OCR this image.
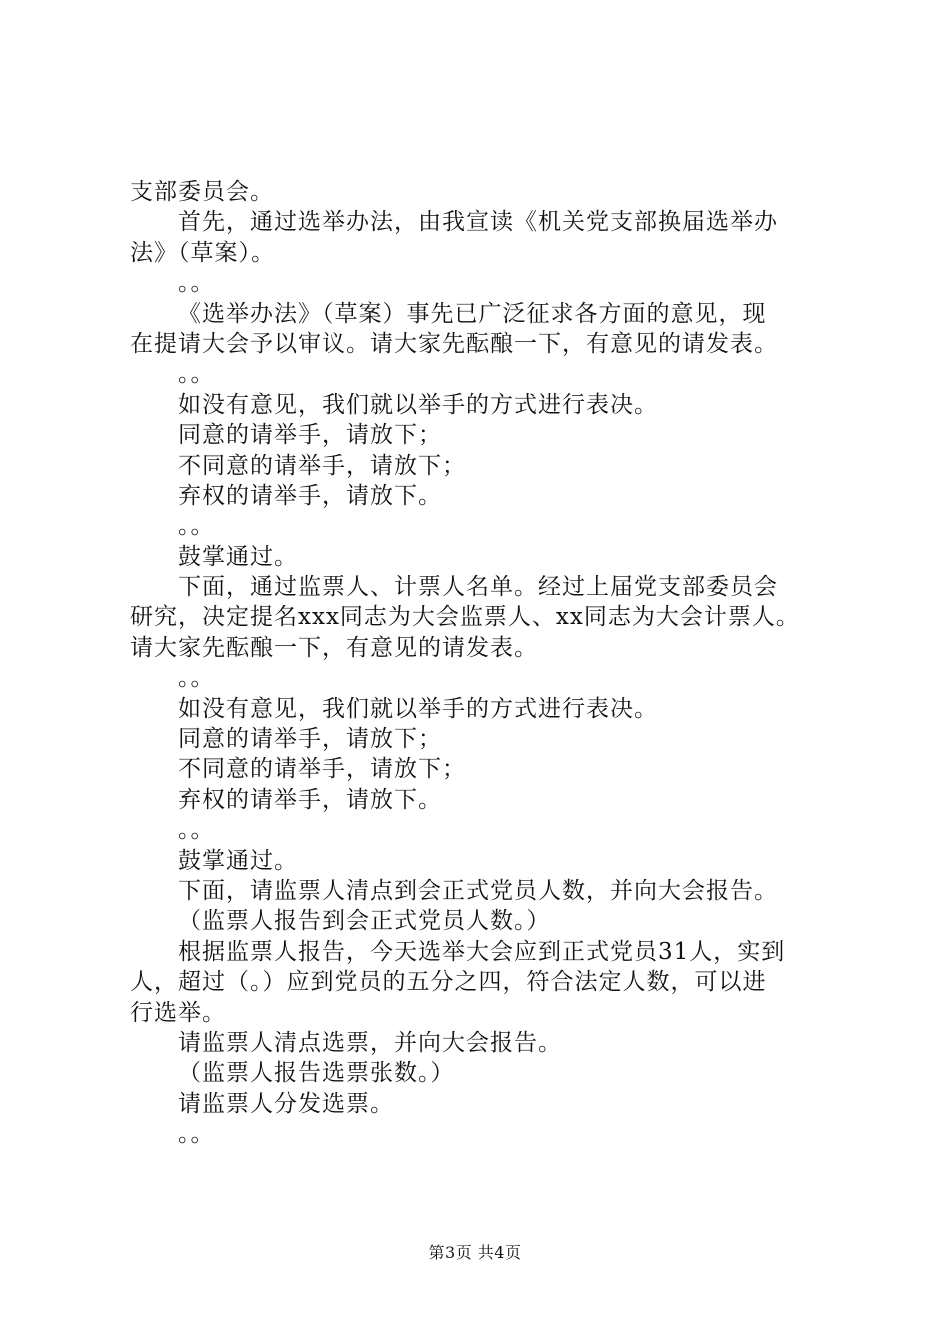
支部委员会。
首先，通过选举办法，由我宣读《机关党支部换届选举办
法》（草案）。
。。
《选举办法》（草案）事先已广泛征求各方面的意见，现
在提请大会予以审议。请大家先酝酿一下，有意见的请发表。
。。
如没有意见，我们就以举手的方式进行表决。
同意的请举手，请放下；
不同意的请举手，请放下；
弃权的请举手，请放下。
。。
鼓掌通过。
下面，通过监票人、计票人名单。经过上届党支部委员会
研究，决定提名xxx同志为大会监票人、xx同志为大会计票人。
请大家先酝酿一下，有意见的请发表。
。。
如没有意见，我们就以举手的方式进行表决。
同意的请举手，请放下；
不同意的请举手，请放下；
弃权的请举手，请放下。
。。
鼓掌通过。
下面，请监票人清点到会正式党员人数，并向大会报告。
（监票人报告到会正式党员人数。）
根据监票人报告，今天选举大会应到正式党员31人，实到
人，超过（。）应到党员的五分之四，符合法定人数，可以进
行选举。
请监票人清点选票，并向大会报告。
（监票人报告选票张数。）
请监票人分发选票。
。。
第3页 共4页
